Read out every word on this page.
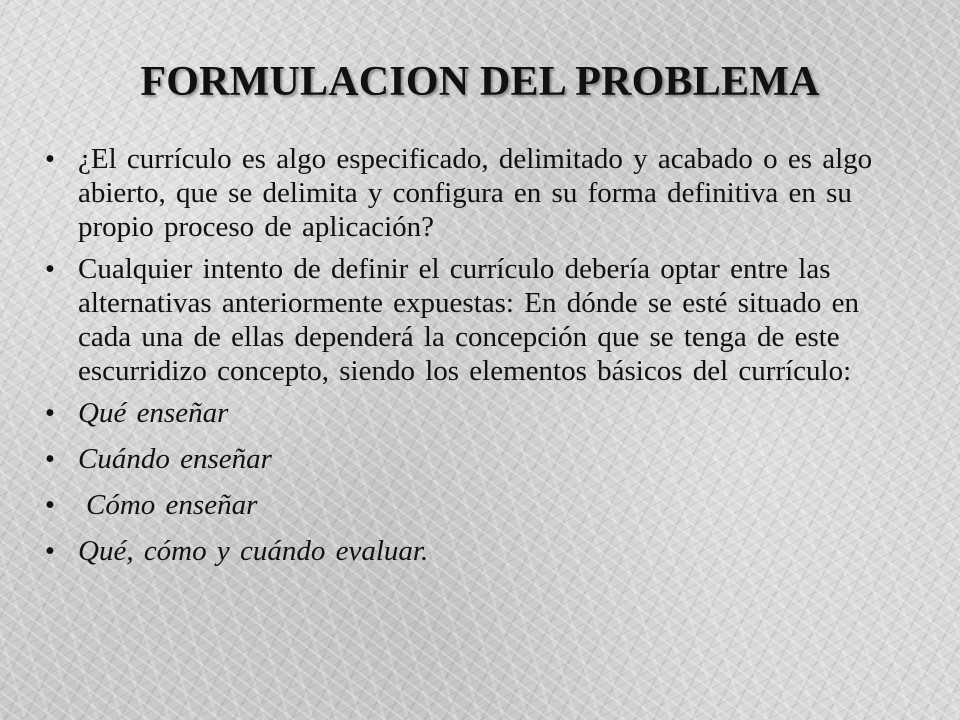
FORMULACION DEL PROBLEMA
• ¿El currículo es algo especificado, delimitado y acabado o es algo abierto, que se delimita y configura en su forma definitiva en su propio proceso de aplicación?
• Cualquier intento de definir el currículo debería optar entre las alternativas anteriormente expuestas: En dónde se esté situado en cada una de ellas dependerá la concepción que se tenga de este escurridizo concepto, siendo los elementos básicos del currículo:
• Qué enseñar
• Cuándo enseñar
• Cómo enseñar
• Qué, cómo y cuándo evaluar.
